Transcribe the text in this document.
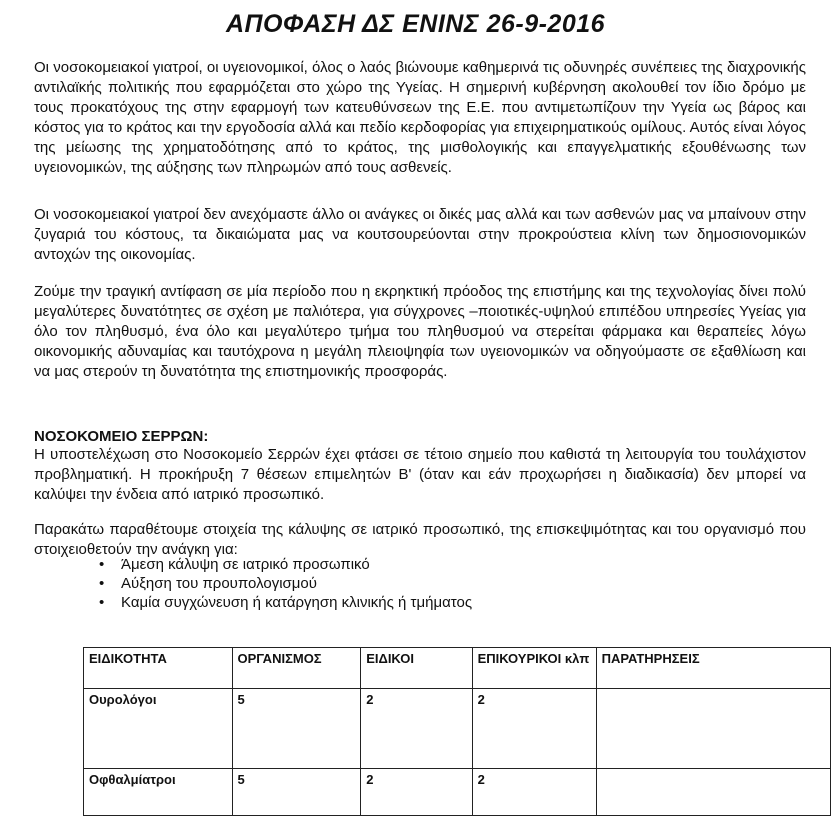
ΑΠΟΦΑΣΗ ΔΣ ΕΝΙΝΣ 26-9-2016
Οι νοσοκομειακοί γιατροί, οι υγειονομικοί, όλος ο λαός βιώνουμε καθημερινά τις οδυνηρές συνέπειες της διαχρονικής αντιλαϊκής πολιτικής που εφαρμόζεται στο χώρο της Υγείας. Η σημερινή κυβέρνηση ακολουθεί τον ίδιο δρόμο με τους προκατόχους της στην εφαρμογή των κατευθύνσεων της Ε.Ε. που αντιμετωπίζουν την Υγεία ως βάρος και κόστος για το κράτος και την εργοδοσία αλλά και πεδίο κερδοφορίας για επιχειρηματικούς ομίλους. Αυτός είναι λόγος της μείωσης της χρηματοδότησης από το κράτος, της μισθολογικής και επαγγελματικής εξουθένωσης των υγειονομικών, της αύξησης των πληρωμών από τους ασθενείς.
Οι νοσοκομειακοί γιατροί δεν ανεχόμαστε άλλο οι ανάγκες οι δικές μας αλλά και των ασθενών μας να μπαίνουν στην ζυγαριά του κόστους, τα δικαιώματα μας να κουτσουρεύονται στην προκρούστεια κλίνη των δημοσιονομικών αντοχών της οικονομίας.
Ζούμε την τραγική αντίφαση σε μία περίοδο που η εκρηκτική πρόοδος της επιστήμης και της τεχνολογίας δίνει πολύ μεγαλύτερες δυνατότητες σε σχέση με παλιότερα, για σύγχρονες –ποιοτικές-υψηλού επιπέδου υπηρεσίες Υγείας για όλο τον πληθυσμό, ένα όλο και μεγαλύτερο τμήμα του πληθυσμού να στερείται φάρμακα και θεραπείες λόγω οικονομικής αδυναμίας και ταυτόχρονα η μεγάλη πλειοψηφία των υγειονομικών να οδηγούμαστε σε εξαθλίωση και να μας στερούν τη δυνατότητα της επιστημονικής προσφοράς.
ΝΟΣΟΚΟΜΕΙΟ ΣΕΡΡΩΝ:
Η υποστελέχωση στο Νοσοκομείο Σερρών έχει φτάσει σε τέτοιο σημείο που καθιστά τη λειτουργία του τουλάχιστον προβληματική. Η προκήρυξη 7 θέσεων επιμελητών Β' (όταν και εάν προχωρήσει η διαδικασία) δεν μπορεί να καλύψει την ένδεια από ιατρικό προσωπικό.
Παρακάτω παραθέτουμε στοιχεία της κάλυψης σε ιατρικό προσωπικό, της επισκεψιμότητας και του οργανισμό που στοιχειοθετούν την ανάγκη για:
• Άμεση κάλυψη σε ιατρικό προσωπικό
• Αύξηση του προυπολογισμού
• Καμία συγχώνευση ή κατάργηση κλινικής ή τμήματος
ΕΙΔΙΚΟΤΗΤΑ	ΟΡΓΑΝΙΣΜΟΣ	ΕΙΔΙΚΟΙ	ΕΠΙΚΟΥΡΙΚΟΙ κλπ	ΠΑΡΑΤΗΡΗΣΕΙΣ
Ουρολόγοι	5	2	2	
Οφθαλμίατροι	5	2	2	
